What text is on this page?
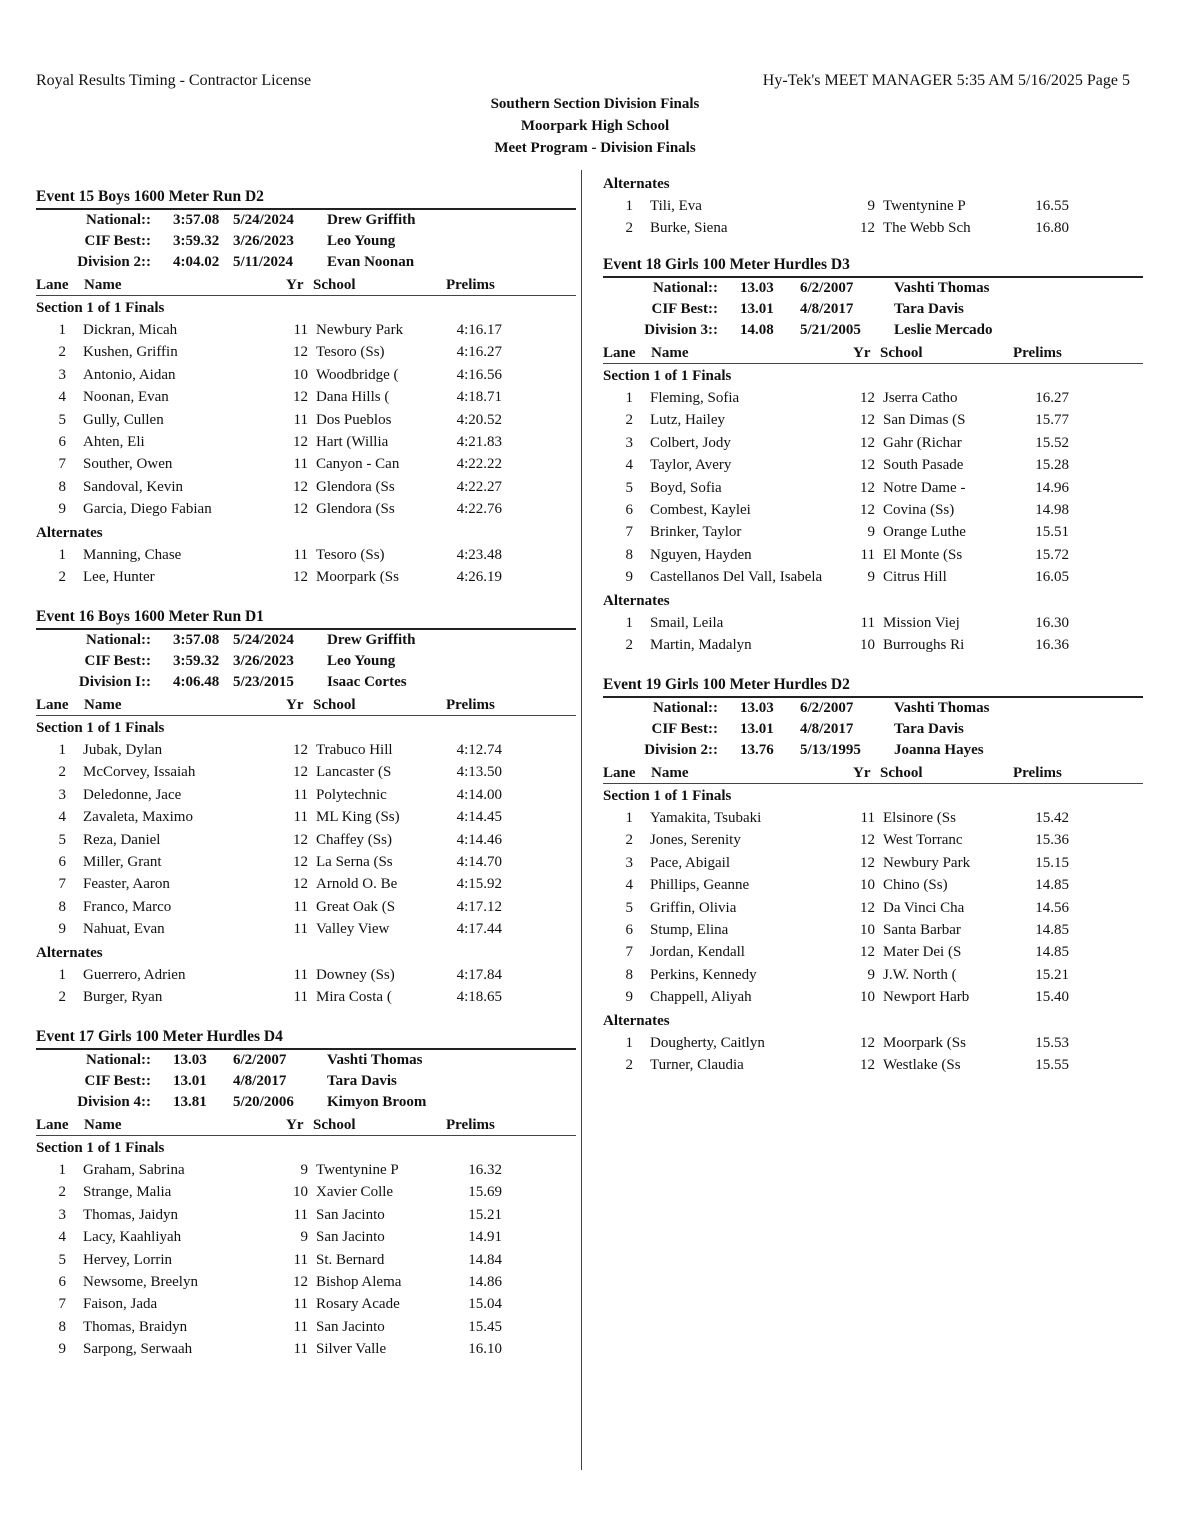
Royal Results Timing - Contractor License	Hy-Tek's MEET MANAGER 5:35 AM 5/16/2025 Page 5
Southern Section Division Finals
Moorpark High School
Meet Program - Division Finals
Event 15 Boys 1600 Meter Run D2
National:: 3:57.08 5/24/2024 Drew Griffith
CIF Best:: 3:59.32 3/26/2023 Leo Young
Division 2:: 4:04.02 5/11/2024 Evan Noonan
Lane Name	Yr School	Prelims
Section 1 of 1 Finals
1 Dickran, Micah	11 Newbury Park	4:16.17
2 Kushen, Griffin	12 Tesoro (Ss)	4:16.27
3 Antonio, Aidan	10 Woodbridge (	4:16.56
4 Noonan, Evan	12 Dana Hills (	4:18.71
5 Gully, Cullen	11 Dos Pueblos	4:20.52
6 Ahten, Eli	12 Hart (Willia	4:21.83
7 Souther, Owen	11 Canyon - Can	4:22.22
8 Sandoval, Kevin	12 Glendora (Ss	4:22.27
9 Garcia, Diego Fabian	12 Glendora (Ss	4:22.76
Alternates
1 Manning, Chase	11 Tesoro (Ss)	4:23.48
2 Lee, Hunter	12 Moorpark (Ss	4:26.19
Event 16 Boys 1600 Meter Run D1
National:: 3:57.08 5/24/2024 Drew Griffith
CIF Best:: 3:59.32 3/26/2023 Leo Young
Division I:: 4:06.48 5/23/2015 Isaac Cortes
Lane Name	Yr School	Prelims
Section 1 of 1 Finals
1 Jubak, Dylan	12 Trabuco Hill	4:12.74
2 McCorvey, Issaiah	12 Lancaster (S	4:13.50
3 Deledonne, Jace	11 Polytechnic	4:14.00
4 Zavaleta, Maximo	11 ML King (Ss)	4:14.45
5 Reza, Daniel	12 Chaffey (Ss)	4:14.46
6 Miller, Grant	12 La Serna (Ss	4:14.70
7 Feaster, Aaron	12 Arnold O. Be	4:15.92
8 Franco, Marco	11 Great Oak (S	4:17.12
9 Nahuat, Evan	11 Valley View	4:17.44
Alternates
1 Guerrero, Adrien	11 Downey (Ss)	4:17.84
2 Burger, Ryan	11 Mira Costa (	4:18.65
Event 17 Girls 100 Meter Hurdles D4
National:: 13.03 6/2/2007	Vashti Thomas
CIF Best:: 13.01 4/8/2017	Tara Davis
Division 4:: 13.81 5/20/2006 Kimyon Broom
Lane Name	Yr School	Prelims
Section 1 of 1 Finals
1 Graham, Sabrina	9 Twentynine P	16.32
2 Strange, Malia	10 Xavier Colle	15.69
3 Thomas, Jaidyn	11 San Jacinto	15.21
4 Lacy, Kaahliyah	9 San Jacinto	14.91
5 Hervey, Lorrin	11 St. Bernard	14.84
6 Newsome, Breelyn	12 Bishop Alema	14.86
7 Faison, Jada	11 Rosary Acade	15.04
8 Thomas, Braidyn	11 San Jacinto	15.45
9 Sarpong, Serwaah	11 Silver Valle	16.10
Event 18 Girls 100 Meter Hurdles D3
National:: 13.03 6/2/2007	Vashti Thomas
CIF Best:: 13.01 4/8/2017	Tara Davis
Division 3:: 14.08 5/21/2005 Leslie Mercado
Lane Name	Yr School	Prelims
Section 1 of 1 Finals
1 Fleming, Sofia	12 Jserra Catho	16.27
2 Lutz, Hailey	12 San Dimas (S	15.77
3 Colbert, Jody	12 Gahr (Richar	15.52
4 Taylor, Avery	12 South Pasade	15.28
5 Boyd, Sofia	12 Notre Dame -	14.96
6 Combest, Kaylei	12 Covina (Ss)	14.98
7 Brinker, Taylor	9 Orange Luthe	15.51
8 Nguyen, Hayden	11 El Monte (Ss	15.72
9 Castellanos Del Vall, Isabela	9 Citrus Hill	16.05
Alternates
1 Smail, Leila	11 Mission Viej	16.30
2 Martin, Madalyn	10 Burroughs Ri	16.36
Event 19 Girls 100 Meter Hurdles D2
National:: 13.03 6/2/2007	Vashti Thomas
CIF Best:: 13.01 4/8/2017	Tara Davis
Division 2:: 13.76 5/13/1995 Joanna Hayes
Lane Name	Yr School	Prelims
Section 1 of 1 Finals
1 Yamakita, Tsubaki	11 Elsinore (Ss	15.42
2 Jones, Serenity	12 West Torranc	15.36
3 Pace, Abigail	12 Newbury Park	15.15
4 Phillips, Geanne	10 Chino (Ss)	14.85
5 Griffin, Olivia	12 Da Vinci Cha	14.56
6 Stump, Elina	10 Santa Barbar	14.85
7 Jordan, Kendall	12 Mater Dei (S	14.85
8 Perkins, Kennedy	9 J.W. North (	15.21
9 Chappell, Aliyah	10 Newport Harb	15.40
Alternates
1 Dougherty, Caitlyn	12 Moorpark (Ss	15.53
2 Turner, Claudia	12 Westlake (Ss	15.55
Alternates
1 Tili, Eva	9 Twentynine P	16.55
2 Burke, Siena	12 The Webb Sch	16.80
